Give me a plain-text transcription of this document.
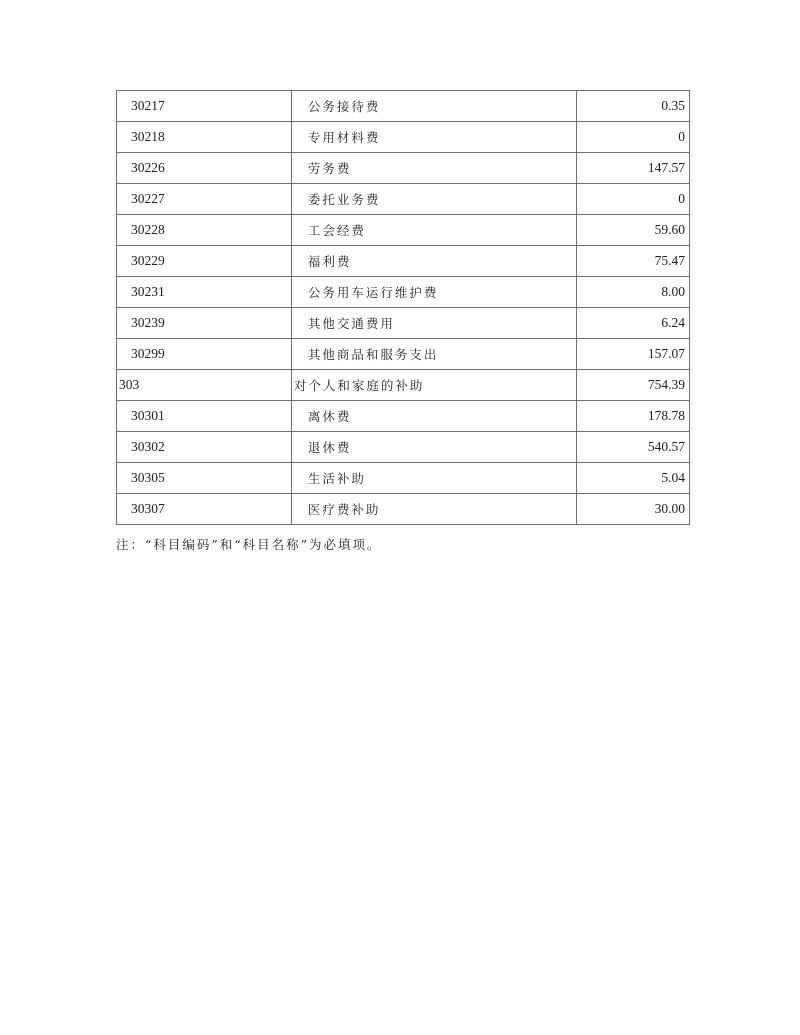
30217	公务接待费	0.35
30218	专用材料费	0
30226	劳务费	147.57
30227	委托业务费	0
30228	工会经费	59.60
30229	福利费	75.47
30231	公务用车运行维护费	8.00
30239	其他交通费用	6.24
30299	其他商品和服务支出	157.07
303	对个人和家庭的补助	754.39
30301	离休费	178.78
30302	退休费	540.57
30305	生活补助	5.04
30307	医疗费补助	30.00
注：“科目编码”和“科目名称”为必填项。
